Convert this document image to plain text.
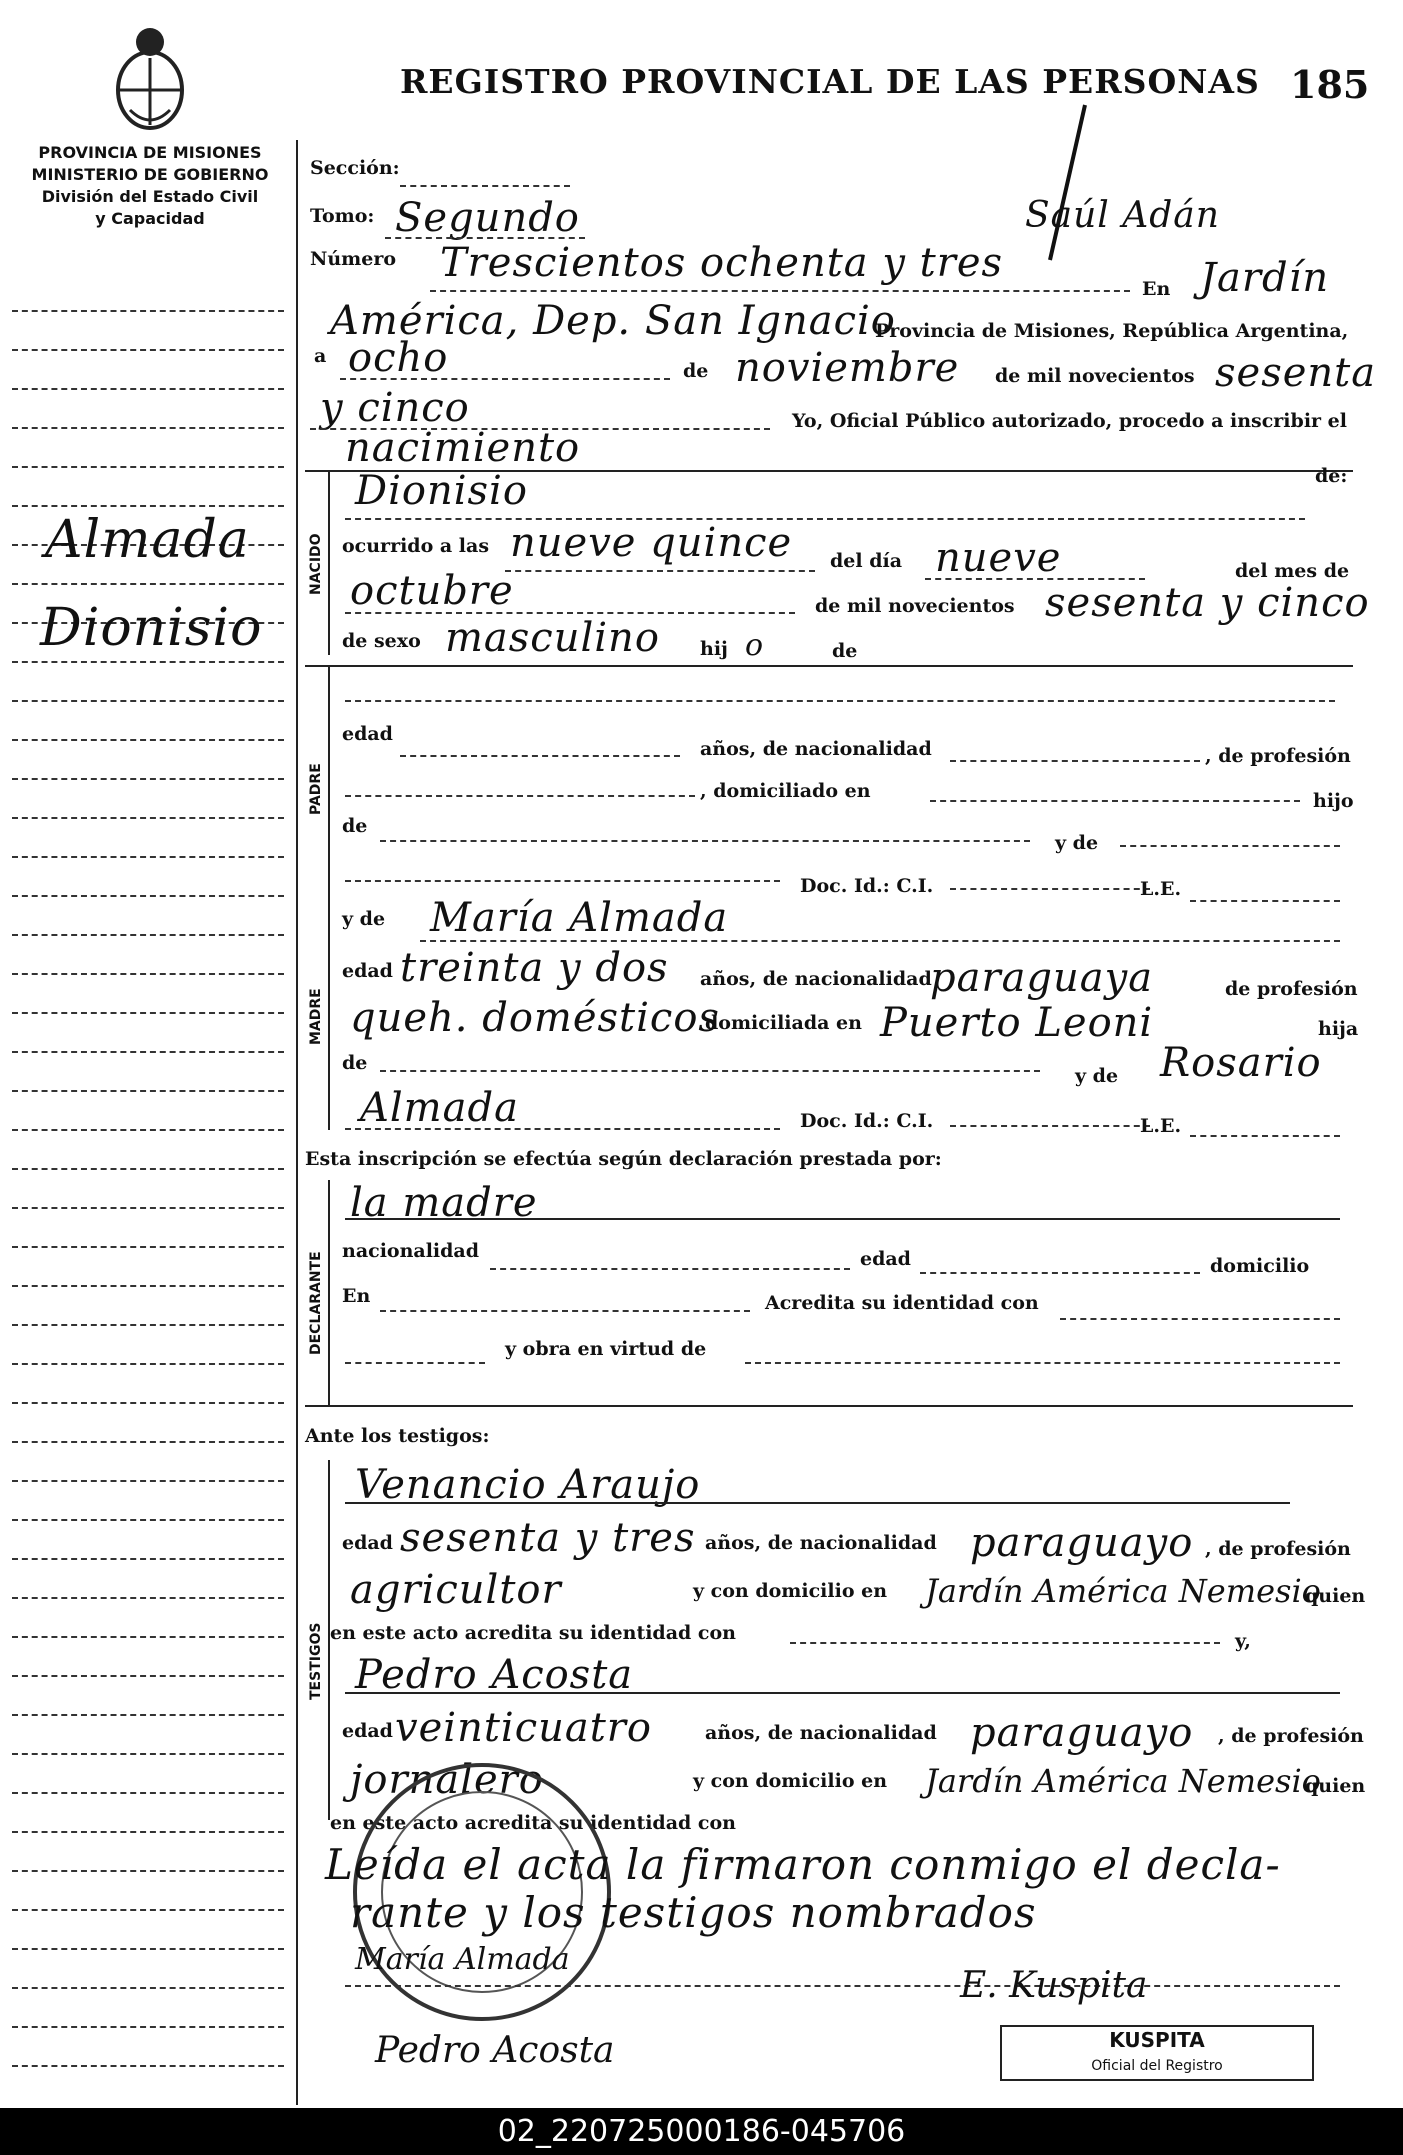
REGISTRO PROVINCIAL DE LAS PERSONAS 185
PROVINCIA DE MISIONES
MINISTERIO DE GOBIERNO
División del Estado Civil
y Capacidad
Almada
Dionisio
Sección:
Tomo: Segundo	Saúl Adán
Número Trescientos ochenta y tres
En Jardín
América, Dep. San Ignacio
Provincia de Misiones, República Argentina,
a ocho	de noviembre de mil novecientos sesenta
y cinco	Yo, Oficial Público autorizado, procedo a inscribir el
nacimiento
NACIDO
Dionisio	de:
ocurrido a las nueve quince del día nueve	del mes de
octubre	de mil novecientos sesenta y cinco
de sexo masculino hij o	de
PADRE
edad
años, de nacionalidad	, de profesión
, domiciliado en	hijo
de
y de
Doc. Id.: C.I.	L.E.
MADRE
y de María Almada
edad treinta y dos años, de nacionalidad
paraguaya	de profesión
queh. domésticos
domiciliada en Puerto Leoni	hija
de
y de Rosario
Almada	Doc. Id.: C.I.	L.E.
Esta inscripción se efectúa según declaración prestada por:
DECLARANTE
la madre
nacionalidad	edad	domicilio
En	Acredita su identidad con
y obra en virtud de
Ante los testigos:
TESTIGOS
Venancio Araujo
edad sesenta y tres años, de nacionalidad paraguayo , de profesión
agricultor	y con domicilio en Jardín América Nemesio
quien
en este acto acredita su identidad con	y,
Pedro Acosta
edad veinticuatro	años, de nacionalidad paraguayo , de profesión
jornalero	y con domicilio en Jardín América Nemesio
quien
en este acto acredita su identidad con
Leída el acta la firmaron conmigo el decla-
rante y los testigos nombrados
María Almada
Pedro Acosta
E. Kuspita
KUSPITA
Oficial del Registro
02_220725000186-045706
